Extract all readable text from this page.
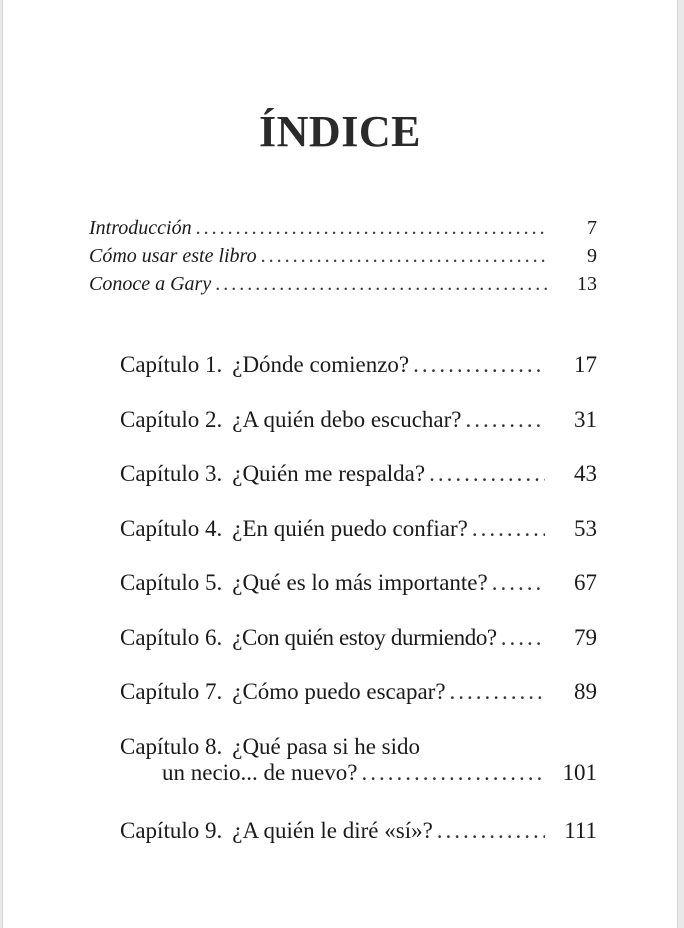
ÍNDICE
Introducción .....	7
Cómo usar este libro .....	9
Conoce a Gary .....	13
Capítulo 1. ¿Dónde comienzo? .....	17
Capítulo 2. ¿A quién debo escuchar? .....	31
Capítulo 3. ¿Quién me respalda? .....	43
Capítulo 4. ¿En quién puedo confiar? .....	53
Capítulo 5. ¿Qué es lo más importante? .....	67
Capítulo 6. ¿Con quién estoy durmiendo? .....	79
Capítulo 7. ¿Cómo puedo escapar? .....	89
Capítulo 8. ¿Qué pasa si he sido
un necio... de nuevo? .....	101
Capítulo 9. ¿A quién le diré «sí»? .....	111
